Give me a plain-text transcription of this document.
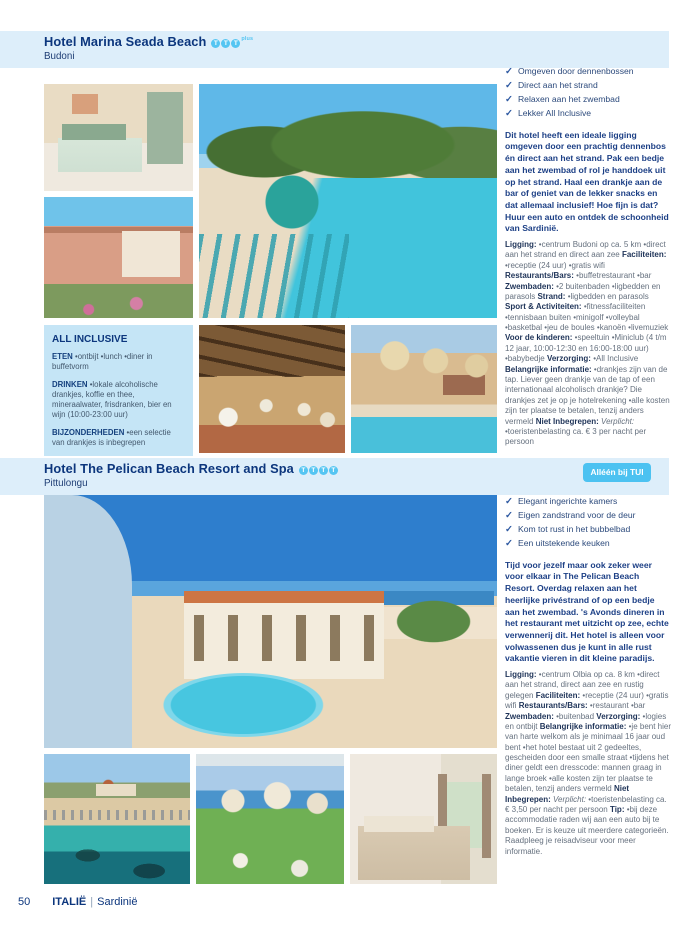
Hotel Marina Seada Beach T T $T^{plus}$
Budoni
ALL INCLUSIVE

ETEN •ontbijt •lunch •diner in buffetvorm

DRINKEN •lokale alcoholische drankjes, koffie en thee, mineraalwater, frisdranken, bier en wijn (10:00-23:00 uur)

BIJZONDERHEDEN •een selectie van drankjes is inbegrepen

✓ Omgeven door dennenbossen
✓ Direct aan het strand
✓ Relaxen aan het zwembad
✓ Lekker All Inclusive

Dit hotel heeft een ideale ligging omgeven door een prachtig dennenbos én direct aan het strand. Pak een bedje aan het zwembad of rol je handdoek uit op het strand. Haal een drankje aan de bar of geniet van de lekker snacks en dat allemaal inclusief! Hoe fijn is dat? Huur een auto en ontdek de schoonheid van Sardinië.

Ligging: •centrum Budoni op ca. 5 km •direct aan het strand en direct aan zee Faciliteiten: •receptie (24 uur) •gratis wifi Restaurants/Bars: •buffetrestaurant •bar Zwembaden: •2 buitenbaden •ligbedden en parasols Strand: •ligbedden en parasols Sport & Activiteiten: •fitnessfaciliteiten •tennisbaan buiten •minigolf •volleybal •basketbal •jeu de boules •kanoën •livemuziek Voor de kinderen: •speeltuin •Miniclub (4 t/m 12 jaar, 10:00-12:30 en 16:00-18:00 uur) •babybedje Verzorging: •All Inclusive Belangrijke informatie: •drankjes zijn van de tap. Liever geen drankje van de tap of een internationaal alcoholisch drankje? Die drankjes zet je op je hotelrekening •alle kosten zijn ter plaatse te betalen, tenzij anders vermeld Niet Inbegrepen: Verplicht: •toeristenbelasting ca. € 3 per nacht per persoon

Hotel The Pelican Beach Resort and Spa T T T T
Pittulongu
Alléén bij TUI
✓ Elegant ingerichte kamers
✓ Eigen zandstrand voor de deur
✓ Kom tot rust in het bubbelbad
✓ Een uitstekende keuken

Tijd voor jezelf maar ook zeker weer voor elkaar in The Pelican Beach Resort. Overdag relaxen aan het heerlijke privéstrand of op een bedje aan het zwembad. 's Avonds dineren in het restaurant met uitzicht op zee, echte verwennerij dit. Het hotel is alleen voor volwassenen dus je kunt in alle rust vakantie vieren in dit kleine paradijs.

Ligging: •centrum Olbia op ca. 8 km •direct aan het strand, direct aan zee en rustig gelegen Faciliteiten: •receptie (24 uur) •gratis wifi Restaurants/Bars: •restaurant •bar Zwembaden: •buitenbad Verzorging: •logies en ontbijt Belangrijke informatie: •je bent hier van harte welkom als je minimaal 16 jaar oud bent •het hotel bestaat uit 2 gedeeltes, gescheiden door een smalle straat •tijdens het diner geldt een dresscode: mannen graag in lange broek •alle kosten zijn ter plaatse te betalen, tenzij anders vermeld Niet Inbegrepen: Verplicht: •toeristenbelasting ca. € 3,50 per nacht per persoon Tip: •bij deze accommodatie raden wij aan een auto bij te boeken. Er is keuze uit meerdere categorieën. Raadpleeg je reisadviseur voor meer informatie.

50 ITALIË | Sardinië
